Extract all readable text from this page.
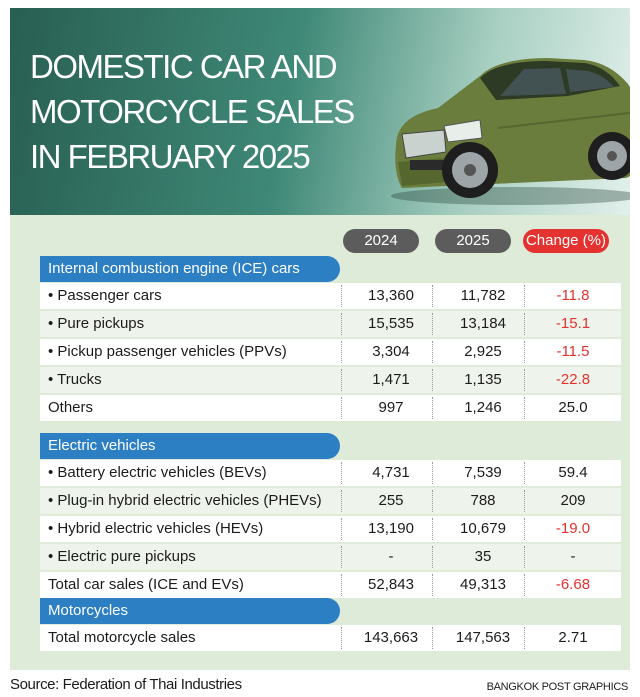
DOMESTIC CAR AND
MOTORCYCLE SALES
IN FEBRUARY 2025
2024	2025	Change (%)
Internal combustion engine (ICE) cars
• Passenger cars	13,360	11,782	-11.8
• Pure pickups	15,535	13,184	-15.1
• Pickup passenger vehicles (PPVs)	3,304	2,925	-11.5
• Trucks	1,471	1,135	-22.8
Others	997	1,246	25.0
Electric vehicles
• Battery electric vehicles (BEVs)	4,731	7,539	59.4
• Plug-in hybrid electric vehicles (PHEVs)	255	788	209
• Hybrid electric vehicles (HEVs)	13,190	10,679	-19.0
• Electric pure pickups	-	35	-
Total car sales (ICE and EVs)	52,843	49,313	-6.68
Motorcycles
Total motorcycle sales	143,663	147,563	2.71
Source: Federation of Thai Industries	BANGKOK POST GRAPHICS
